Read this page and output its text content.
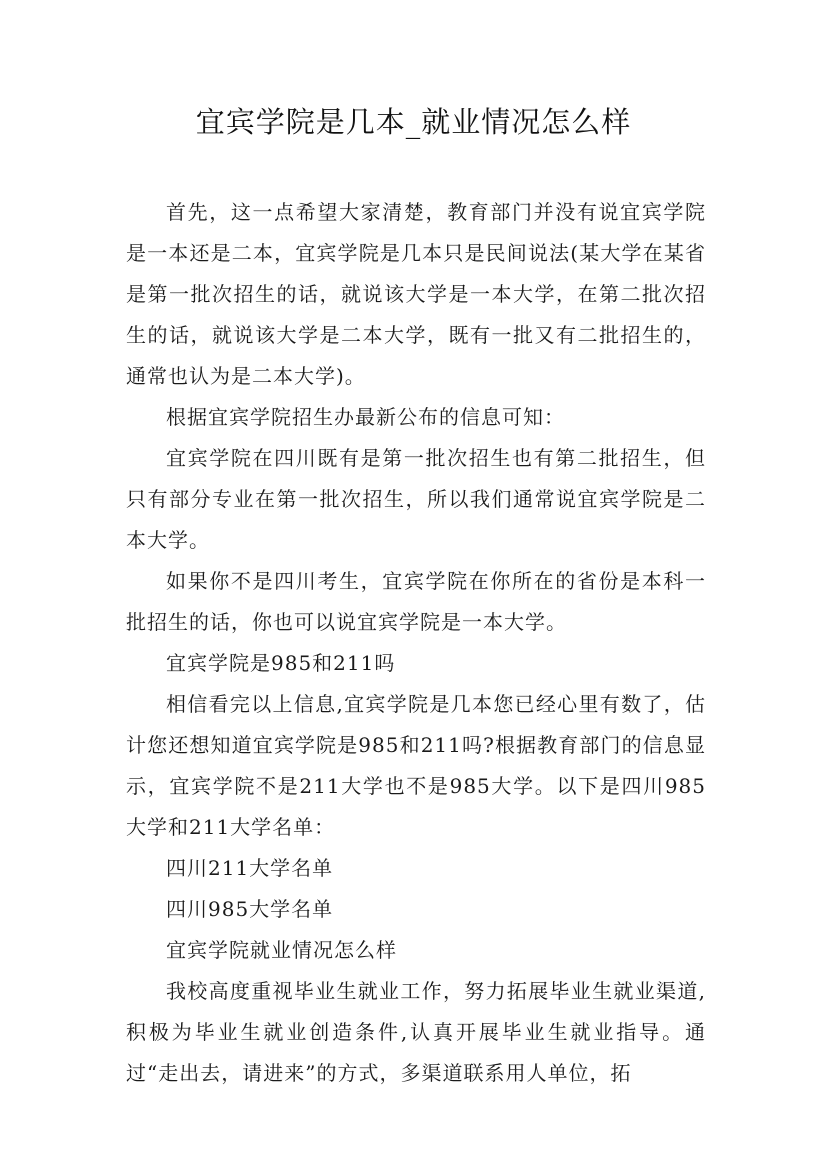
宜宾学院是几本_就业情况怎么样

首先，这一点希望大家清楚，教育部门并没有说宜宾学院是一本还是二本，宜宾学院是几本只是民间说法(某大学在某省是第一批次招生的话，就说该大学是一本大学，在第二批次招生的话，就说该大学是二本大学，既有一批又有二批招生的，通常也认为是二本大学)。

根据宜宾学院招生办最新公布的信息可知：

宜宾学院在四川既有是第一批次招生也有第二批招生，但只有部分专业在第一批次招生，所以我们通常说宜宾学院是二本大学。

如果你不是四川考生，宜宾学院在你所在的省份是本科一批招生的话，你也可以说宜宾学院是一本大学。

宜宾学院是985和211吗

相信看完以上信息,宜宾学院是几本您已经心里有数了，估计您还想知道宜宾学院是985和211吗?根据教育部门的信息显示，宜宾学院不是211大学也不是985大学。以下是四川985大学和211大学名单：

四川211大学名单

四川985大学名单

宜宾学院就业情况怎么样

我校高度重视毕业生就业工作，努力拓展毕业生就业渠道,积极为毕业生就业创造条件,认真开展毕业生就业指导。通过“走出去，请进来”的方式，多渠道联系用人单位，拓
